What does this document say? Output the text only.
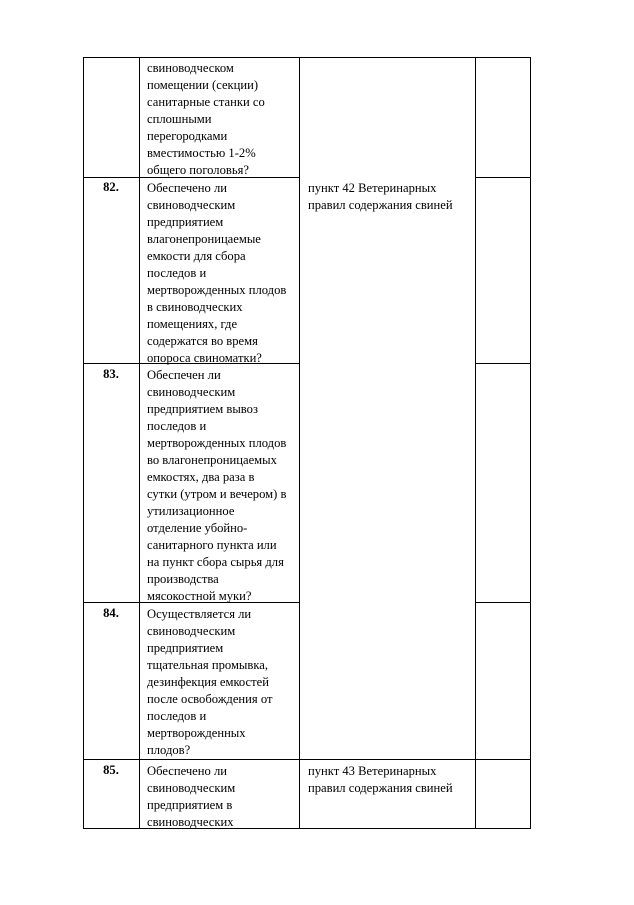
свиноводческом
помещении (секции)
санитарные станки со
сплошными
перегородками
вместимостью 1-2%
общего поголовья?
82.	Обеспечено ли
свиноводческим
предприятием
влагонепроницаемые
емкости для сбора
последов и
мертворожденных плодов
в свиноводческих
помещениях, где
содержатся во время
опороса свиноматки?
пункт 42 Ветеринарных
правил содержания свиней
83.	Обеспечен ли
свиноводческим
предприятием вывоз
последов и
мертворожденных плодов
во влагонепроницаемых
емкостях, два раза в
сутки (утром и вечером) в
утилизационное
отделение убойно-
санитарного пункта или
на пункт сбора сырья для
производства
мясокостной муки?
84.	Осуществляется ли
свиноводческим
предприятием
тщательная промывка,
дезинфекция емкостей
после освобождения от
последов и
мертворожденных
плодов?
85.	Обеспечено ли
свиноводческим
предприятием в
свиноводческих
пункт 43 Ветеринарных
правил содержания свиней
